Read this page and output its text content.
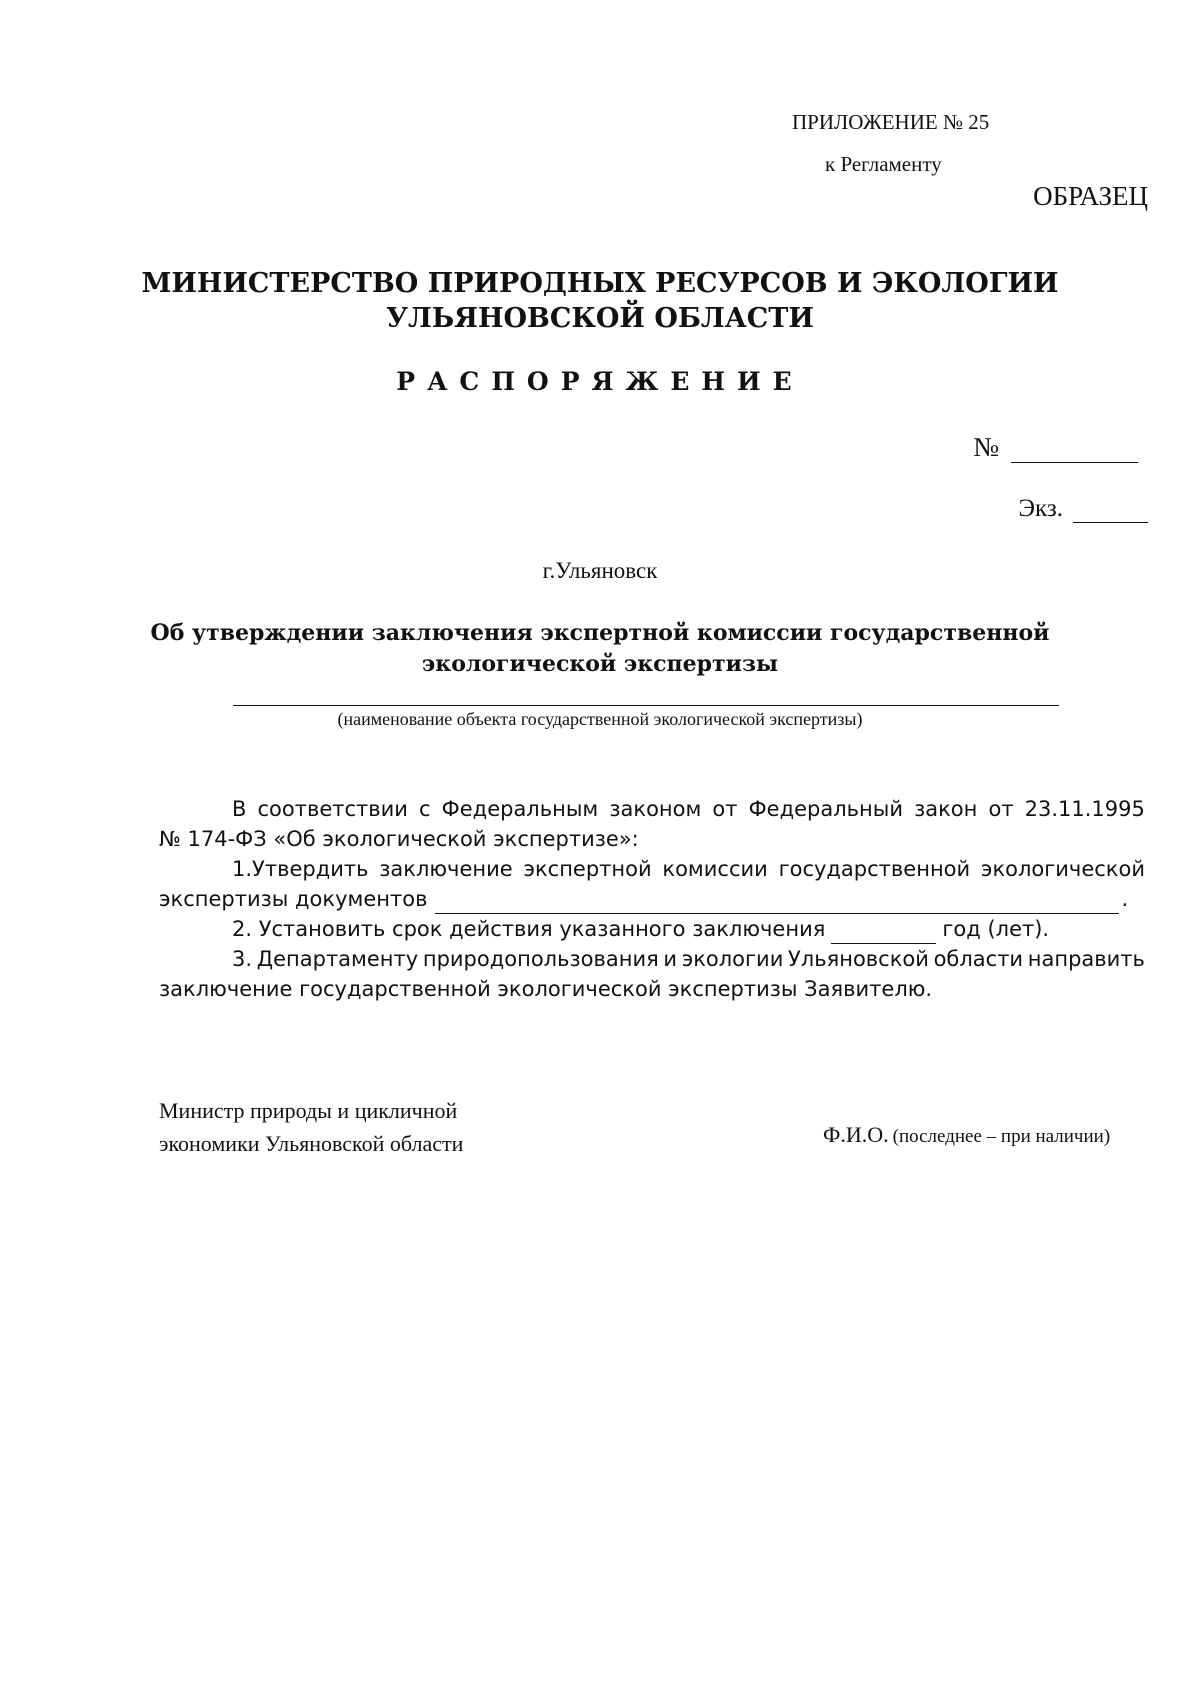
ПРИЛОЖЕНИЕ № 25
к Регламенту
ОБРАЗЕЦ
МИНИСТЕРСТВО ПРИРОДНЫХ РЕСУРСОВ И ЭКОЛОГИИ
УЛЬЯНОВСКОЙ ОБЛАСТИ
РАСПОРЯЖЕНИЕ
№
Экз.
г.Ульяновск
Об утверждении заключения экспертной комиссии государственной
экологической экспертизы
(наименование объекта государственной экологической экспертизы)
В соответствии с Федеральным законом от Федеральный закон от 23.11.1995
№ 174-ФЗ «Об экологической экспертизе»:
1.Утвердить заключение экспертной комиссии государственной экологической
экспертизы документов	.
2. Установить срок действия указанного заключения	год (лет).
3. Департаменту природопользования и экологии Ульяновской области направить
заключение государственной экологической экспертизы Заявителю.
Министр природы и цикличной
экономики Ульяновской области	Ф.И.О. (последнее – при наличии)
